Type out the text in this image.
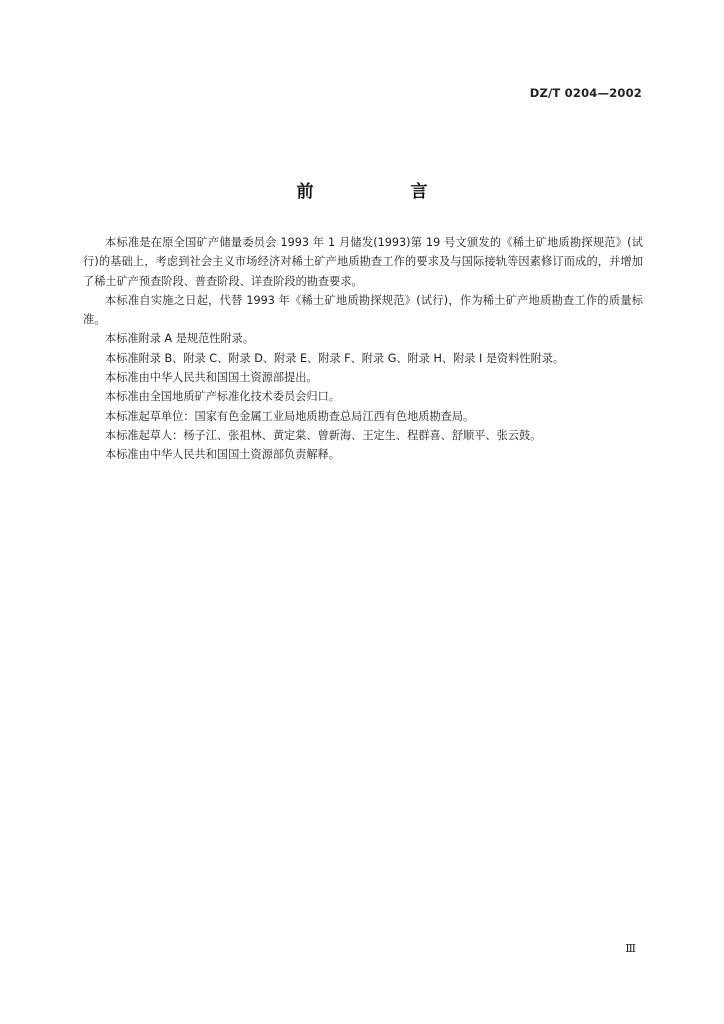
DZ/T 0204—2002
前　言

本标准是在原全国矿产储量委员会 1993 年 1 月储发(1993)第 19 号文颁发的《稀土矿地质勘探规范》(试行)的基础上，考虑到社会主义市场经济对稀土矿产地质勘查工作的要求及与国际接轨等因素修订而成的，并增加了稀土矿产预查阶段、普查阶段、详查阶段的勘查要求。

本标准自实施之日起，代替 1993 年《稀土矿地质勘探规范》(试行)，作为稀土矿产地质勘查工作的质量标准。

本标准附录 A 是规范性附录。

本标准附录 B、附录 C、附录 D、附录 E、附录 F、附录 G、附录 H、附录 I 是资料性附录。

本标准由中华人民共和国国土资源部提出。

本标准由全国地质矿产标准化技术委员会归口。

本标准起草单位：国家有色金属工业局地质勘查总局江西有色地质勘查局。

本标准起草人：杨子江、张祖林、黄定棠、曾新海、王定生、程群喜、舒顺平、张云鼓。

本标准由中华人民共和国国土资源部负责解释。

Ⅲ
